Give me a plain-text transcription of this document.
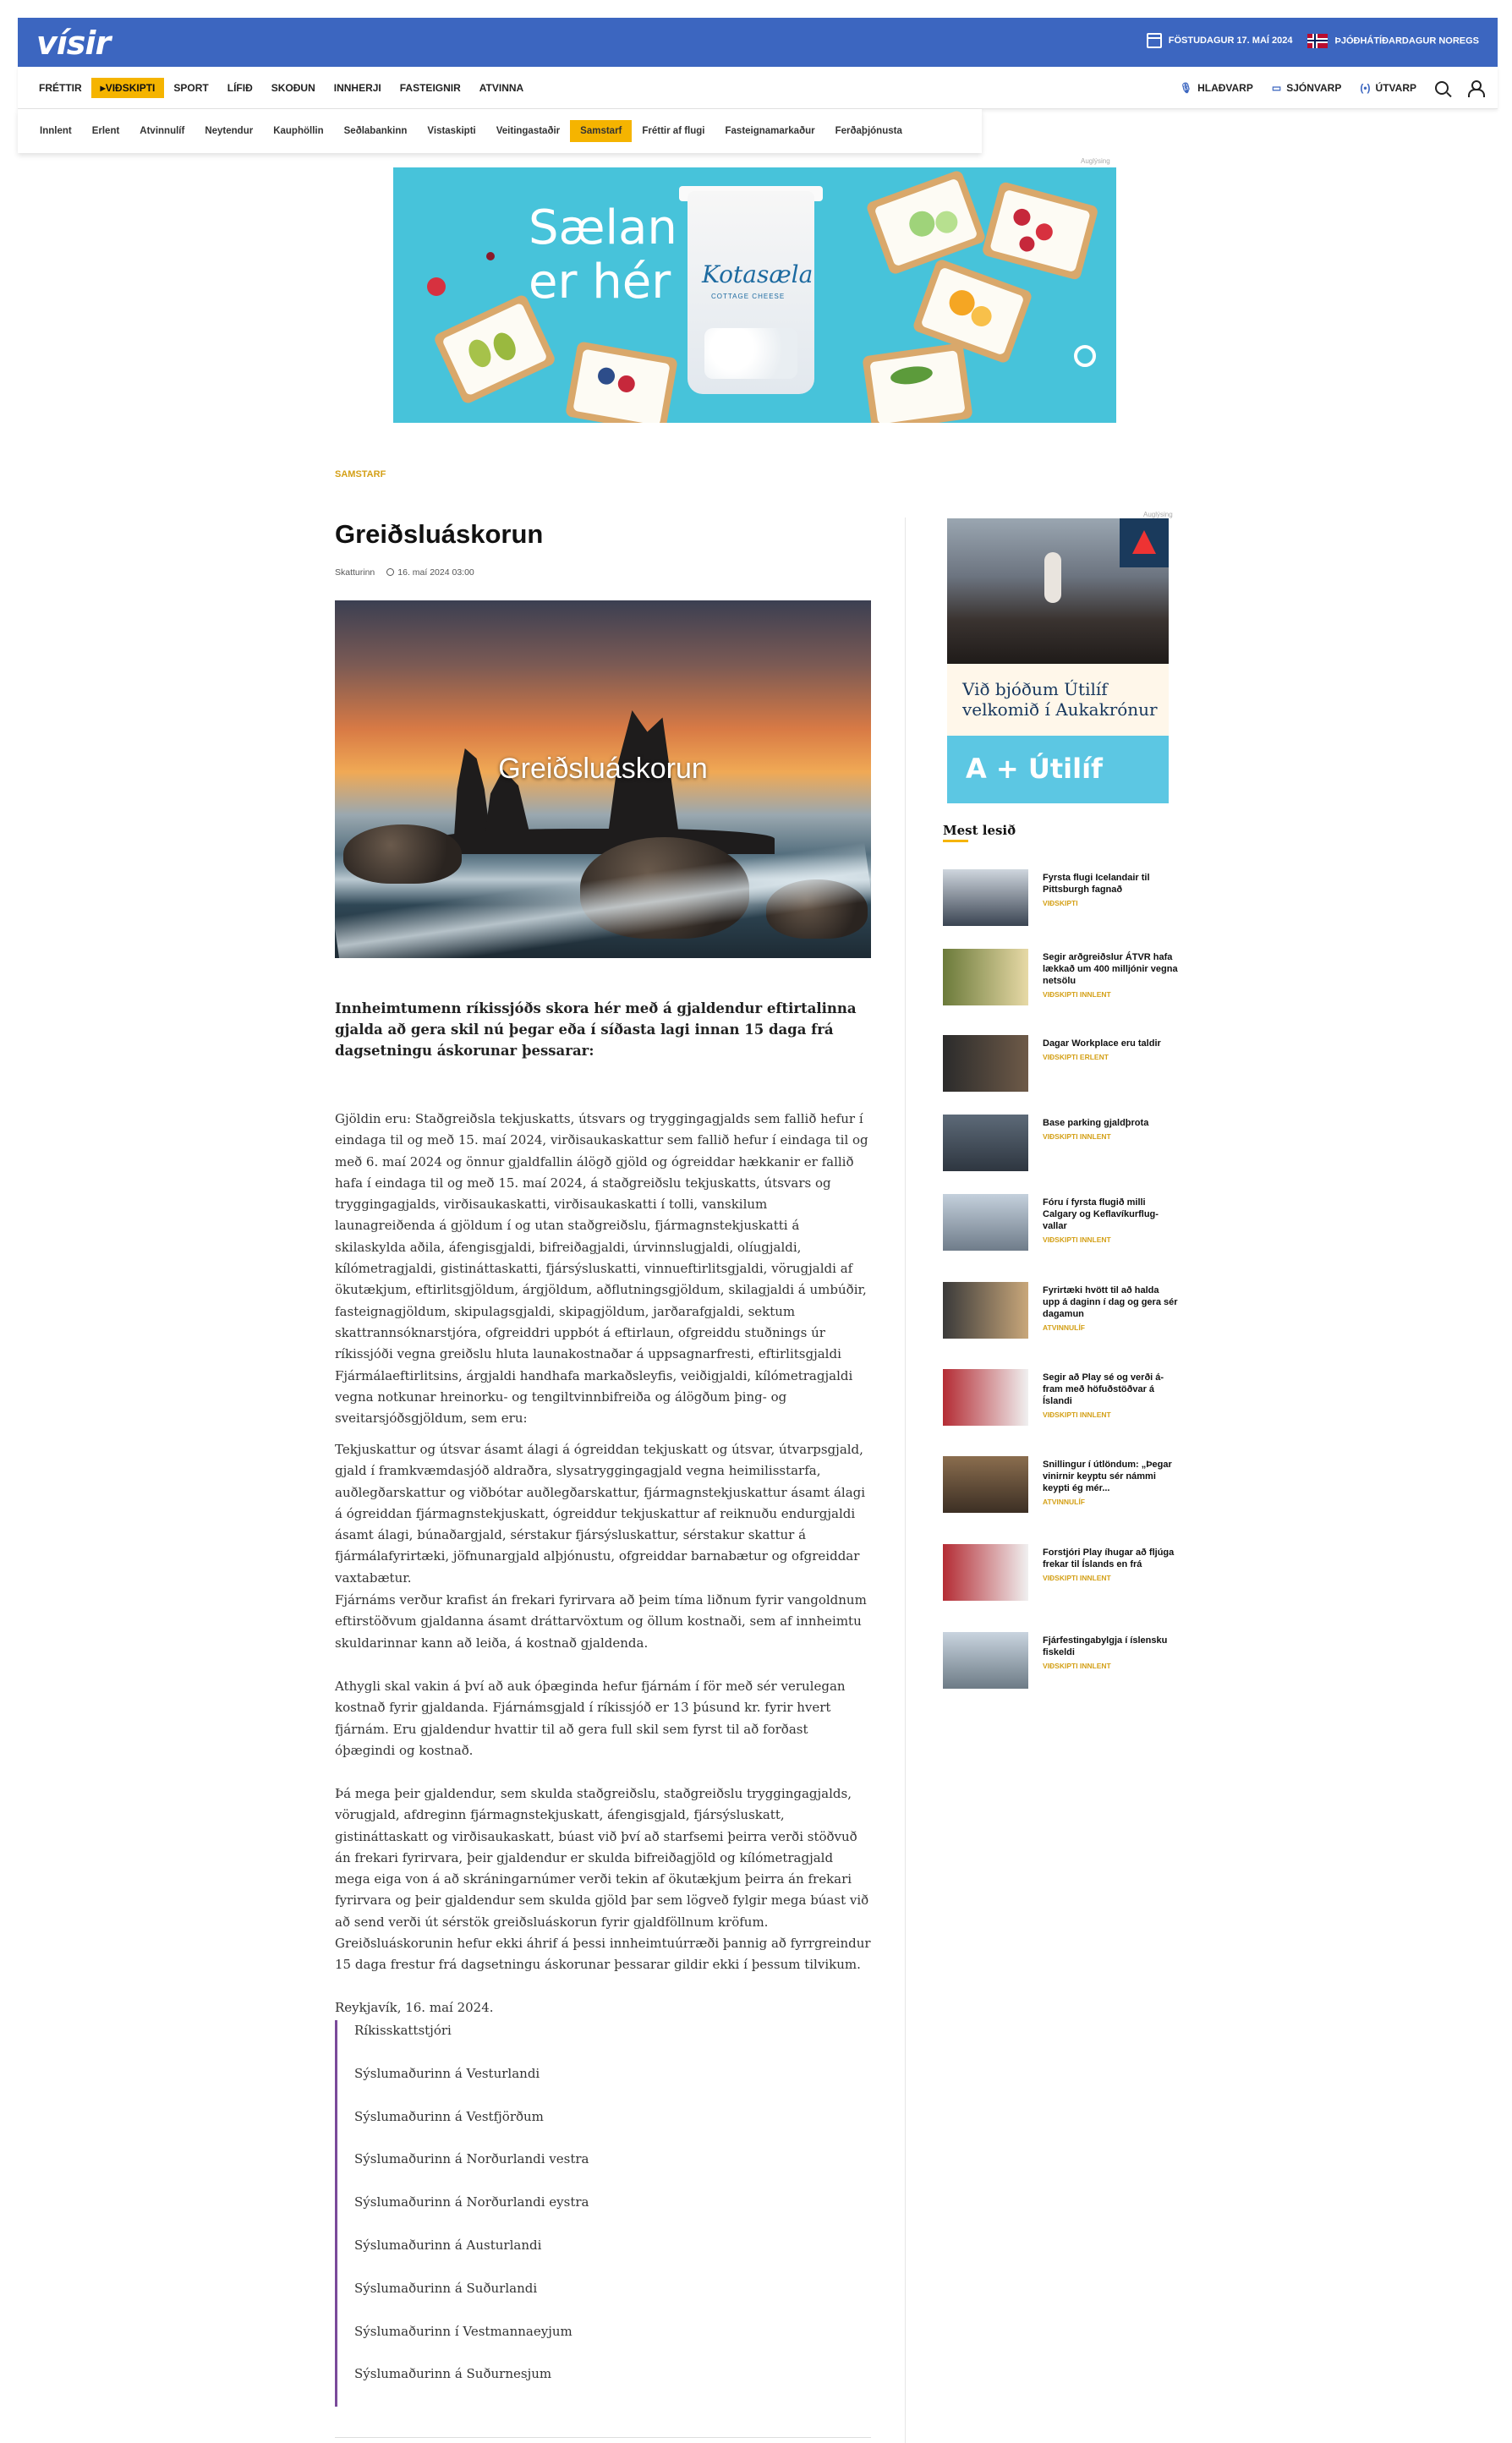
vísir	FÖSTUDAGUR 17. MAÍ 2024	ÞJÓÐHÁTÍÐARDAGUR NOREGS
FRÉTTIR
▸	VIÐSKIPTI	SPORT	LÍFIÐ	SKOÐUN	INNHERJI	FASTEIGNIR	ATVINNA	🎙︎ HLAÐVARP ▭ SJÓNVARP (•) ÚTVARP
Innlent	Erlent	Atvinnulíf	Neytendur	Kauphöllin	Seðlabankinn	Vistaskipti	Veitingastaðir	Samstarf	Fréttir af flugi	Fasteignamarkaður	Ferðaþjónusta
Auglýsing
Sælan
er hér Kotasæla
COTTAGE CHEESE
SAMSTARF
Greiðsluáskorun
Skatturinn	16. maí 2024 03:00
Greiðsluáskorun

Innheimtumenn ríkissjóðs skora hér með á gjaldendur eftirtalinna gjalda að gera skil nú þegar eða í síðasta lagi innan 15 daga frá dagsetningu áskorunar þessarar:

Gjöldin eru: Staðgreiðsla tekjuskatts, útsvars og tryggingagjalds sem fallið hefur í eindaga til og með 15. maí 2024, virðisaukaskattur sem fallið hefur í eindaga til og með 6. maí 2024 og önnur gjaldfallin álögð gjöld og ógreiddar hækkanir er fallið hafa í eindaga til og með 15. maí 2024, á staðgreiðslu tekjuskatts, útsvars og tryggingagjalds, virðisaukaskatti, virðisaukaskatti í tolli, vanskilum launagreiðenda á gjöldum í og utan staðgreiðslu, fjármagnstekjuskatti á skilaskylda aðila, áfengisgjaldi, bifreiðagjaldi, úrvinnslugjaldi, olíugjaldi, kílómetragjaldi, gistináttaskatti, fjársýsluskatti, vinnueftirlitsgjaldi, vörugjaldi af ökutækjum, eftirlitsgjöldum, árgjöldum, aðflutningsgjöldum, skilagjaldi á umbúðir, fasteignagjöldum, skipulagsgjaldi, skipagjöldum, jarðarafgjaldi, sektum skattrannsóknarstjóra, ofgreiddri uppbót á eftirlaun, ofgreiddu stuðnings úr ríkissjóði vegna greiðslu hluta launakostnaðar á uppsagnarfresti, eftirlitsgjaldi Fjármálaeftirlitsins, árgjaldi handhafa markaðsleyfis, veiðigjaldi, kílómetragjaldi vegna notkunar hreinorku- og tengiltvinnbifreiða og álögðum þing- og sveitarsjóðsgjöldum, sem eru:

Tekjuskattur og útsvar ásamt álagi á ógreiddan tekjuskatt og útsvar, útvarpsgjald, gjald í framkvæmdasjóð aldraðra, slysatryggingagjald vegna heimilisstarfa, auðlegðarskattur og viðbótar auðlegðarskattur, fjármagnstekjuskattur ásamt álagi á ógreiddan fjármagnstekjuskatt, ógreiddur tekjuskattur af reiknuðu endurgjaldi ásamt álagi, búnaðargjald, sérstakur fjársýsluskattur, sérstakur skattur á fjármálafyrirtæki, jöfnunargjald alþjónustu, ofgreiddar barnabætur og ofgreiddar vaxtabætur.

Fjárnáms verður krafist án frekari fyrirvara að þeim tíma liðnum fyrir vangoldnum eftirstöðvum gjaldanna ásamt dráttarvöxtum og öllum kostnaði, sem af innheimtu skuldarinnar kann að leiða, á kostnað gjaldenda.

Athygli skal vakin á því að auk óþæginda hefur fjárnám í för með sér verulegan kostnað fyrir gjaldanda. Fjárnámsgjald í ríkissjóð er 13 þúsund kr. fyrir hvert fjárnám. Eru gjaldendur hvattir til að gera full skil sem fyrst til að forðast óþægindi og kostnað.

Þá mega þeir gjaldendur, sem skulda staðgreiðslu, staðgreiðslu tryggingagjalds, vörugjald, afdreginn fjármagnstekjuskatt, áfengisgjald, fjársýsluskatt, gistináttaskatt og virðisaukaskatt, búast við því að starfsemi þeirra verði stöðvuð án frekari fyrirvara, þeir gjaldendur er skulda bifreiðagjöld og kílómetragjald mega eiga von á að skráningarnúmer verði tekin af ökutækjum þeirra án frekari fyrirvara og þeir gjaldendur sem skulda gjöld þar sem lögveð fylgir mega búast við að send verði út sérstök greiðsluáskorun fyrir gjaldföllnum kröfum. Greiðsluáskorunin hefur ekki áhrif á þessi innheimtuúrræði þannig að fyrrgreindur 15 daga frestur frá dagsetningu áskorunar þessarar gildir ekki í þessum tilvikum.

Reykjavík, 16. maí 2024.

Ríkisskattstjóri
Sýslumaðurinn á Vesturlandi
Sýslumaðurinn á Vestfjörðum
Sýslumaðurinn á Norðurlandi vestra
Sýslumaðurinn á Norðurlandi eystra
Sýslumaðurinn á Austurlandi
Sýslumaðurinn á Suðurlandi
Sýslumaðurinn í Vestmannaeyjum
Sýslumaðurinn á Suðurnesjum
Auglýsing
Við bjóðum Útilíf
velkomið í Aukakrónur
A + Útilíf
Mest lesið
Fyrsta flugi Icelandair til Pittsburgh fagnað
VIÐSKIPTI
Segir arðgreiðslur ÁTVR hafa lækkað um 400 milljónir vegna netsölu
VIÐSKIPTI INNLENT
Dagar Workplace eru taldir
VIÐSKIPTI ERLENT
Base parking gjaldþrota
VIÐSKIPTI INNLENT
Fóru í fyrsta flugið milli Calgary og Keflavíkurflug-vallar
VIÐSKIPTI INNLENT
Fyrirtæki hvött til að halda upp á daginn í dag og gera sér dagamun
ATVINNULÍF
Segir að Play sé og verði á-fram með höfuðstöðvar á Íslandi
VIÐSKIPTI INNLENT
Snillingur í útlöndum: „Þegar vinirnir keyptu sér námmi keypti ég mér...
ATVINNULÍF
Forstjóri Play íhugar að fljúga frekar til Íslands en frá
VIÐSKIPTI INNLENT
Fjárfestingabylgja í íslensku fiskeldi
VIÐSKIPTI INNLENT
